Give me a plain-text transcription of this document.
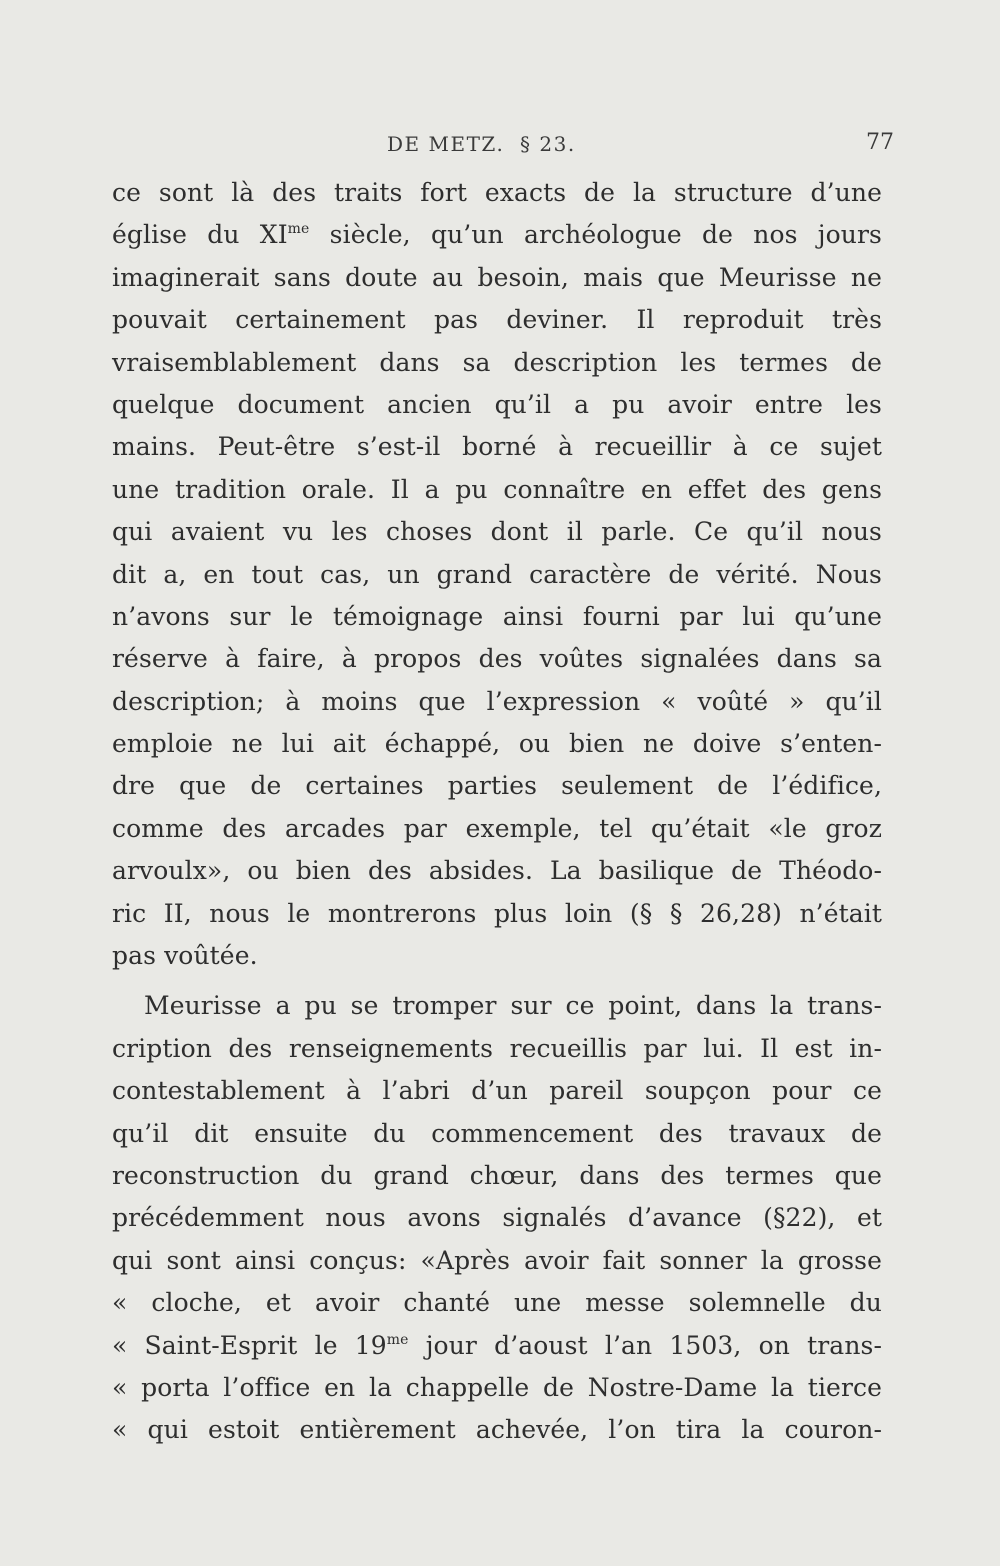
DE METZ.  § 23.	77
ce sont là des traits fort exacts de la structure d’une
église du $XI^{me}$ siècle, qu’un archéologue de nos jours
imaginerait sans doute au besoin, mais que Meurisse ne
pouvait certainement pas deviner. Il reproduit très
vraisemblablement dans sa description les termes de
quelque document ancien qu’il a pu avoir entre les
mains. Peut-être s’est-il borné à recueillir à ce sujet
une tradition orale. Il a pu connaître en effet des gens
qui avaient vu les choses dont il parle. Ce qu’il nous
dit a, en tout cas, un grand caractère de vérité. Nous
n’avons sur le témoignage ainsi fourni par lui qu’une
réserve à faire, à propos des voûtes signalées dans sa
description; à moins que l’expression « voûté » qu’il
emploie ne lui ait échappé, ou bien ne doive s’enten-
dre que de certaines parties seulement de l’édifice,
comme des arcades par exemple, tel qu’était «le groz
arvoulx», ou bien des absides. La basilique de Théodo-
ric II, nous le montrerons plus loin (§ § 26,28) n’était
pas voûtée.
Meurisse a pu se tromper sur ce point, dans la trans-
cription des renseignements recueillis par lui. Il est in-
contestablement à l’abri d’un pareil soupçon pour ce
qu’il dit ensuite du commencement des travaux de
reconstruction du grand chœur, dans des termes que
précédemment nous avons signalés d’avance (§22), et
qui sont ainsi conçus: «Après avoir fait sonner la grosse
« cloche, et avoir chanté une messe solemnelle du
« Saint-Esprit le $19^{me}$ jour d’aoust l’an 1503, on trans-
« porta l’office en la chappelle de Nostre-Dame la tierce
« qui estoit entièrement achevée, l’on tira la couron-
